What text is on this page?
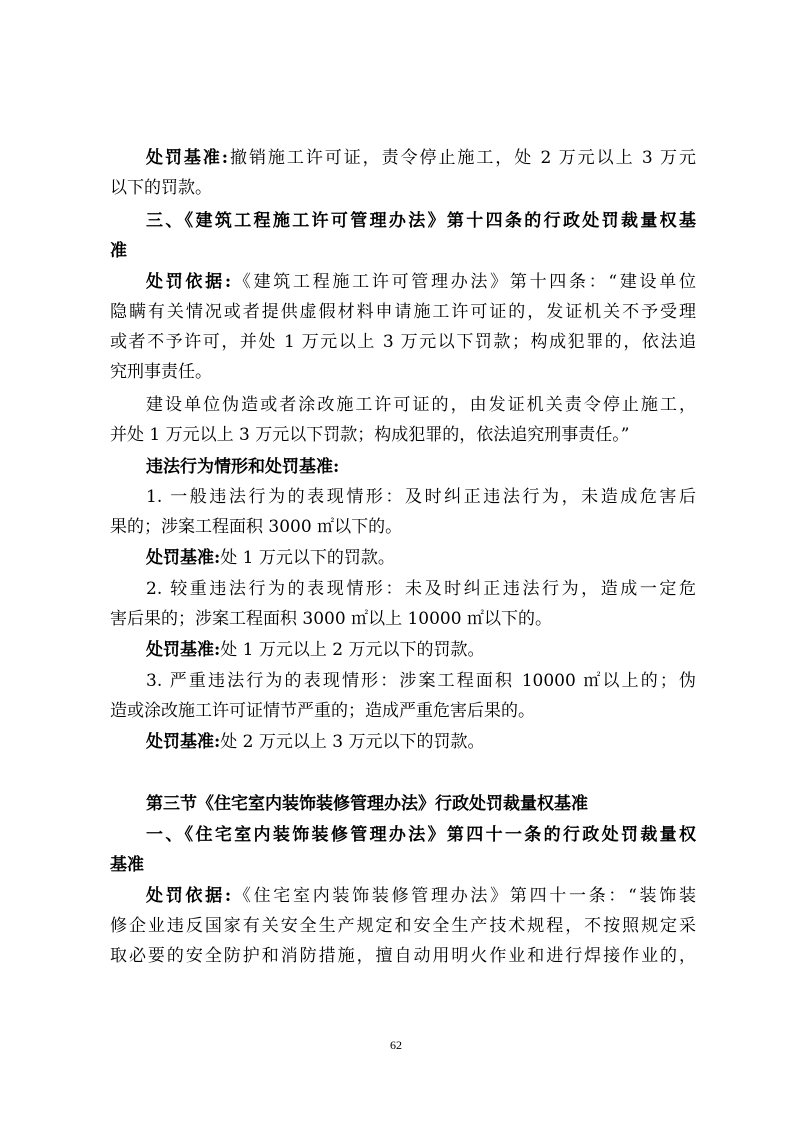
处罚基准:撤销施工许可证，责令停止施工，处 2 万元以上 3 万元
以下的罚款。
三、《建筑工程施工许可管理办法》第十四条的行政处罚裁量权基
准
处罚依据:《建筑工程施工许可管理办法》第十四条：“建设单位
隐瞒有关情况或者提供虚假材料申请施工许可证的，发证机关不予受理
或者不予许可，并处 1 万元以上 3 万元以下罚款；构成犯罪的，依法追
究刑事责任。
建设单位伪造或者涂改施工许可证的，由发证机关责令停止施工，
并处 1 万元以上 3 万元以下罚款；构成犯罪的，依法追究刑事责任。”
违法行为情形和处罚基准:
1. 一般违法行为的表现情形：及时纠正违法行为，未造成危害后
果的；涉案工程面积 3000 ㎡以下的。
处罚基准:处 1 万元以下的罚款。
2. 较重违法行为的表现情形：未及时纠正违法行为，造成一定危
害后果的；涉案工程面积 3000 ㎡以上 10000 ㎡以下的。
处罚基准:处 1 万元以上 2 万元以下的罚款。
3. 严重违法行为的表现情形：涉案工程面积 10000 ㎡以上的；伪
造或涂改施工许可证情节严重的；造成严重危害后果的。
处罚基准:处 2 万元以上 3 万元以下的罚款。
第三节《住宅室内装饰装修管理办法》行政处罚裁量权基准
一、《住宅室内装饰装修管理办法》第四十一条的行政处罚裁量权
基准
处罚依据:《住宅室内装饰装修管理办法》第四十一条：“装饰装
修企业违反国家有关安全生产规定和安全生产技术规程，不按照规定采
取必要的安全防护和消防措施，擅自动用明火作业和进行焊接作业的，
62
